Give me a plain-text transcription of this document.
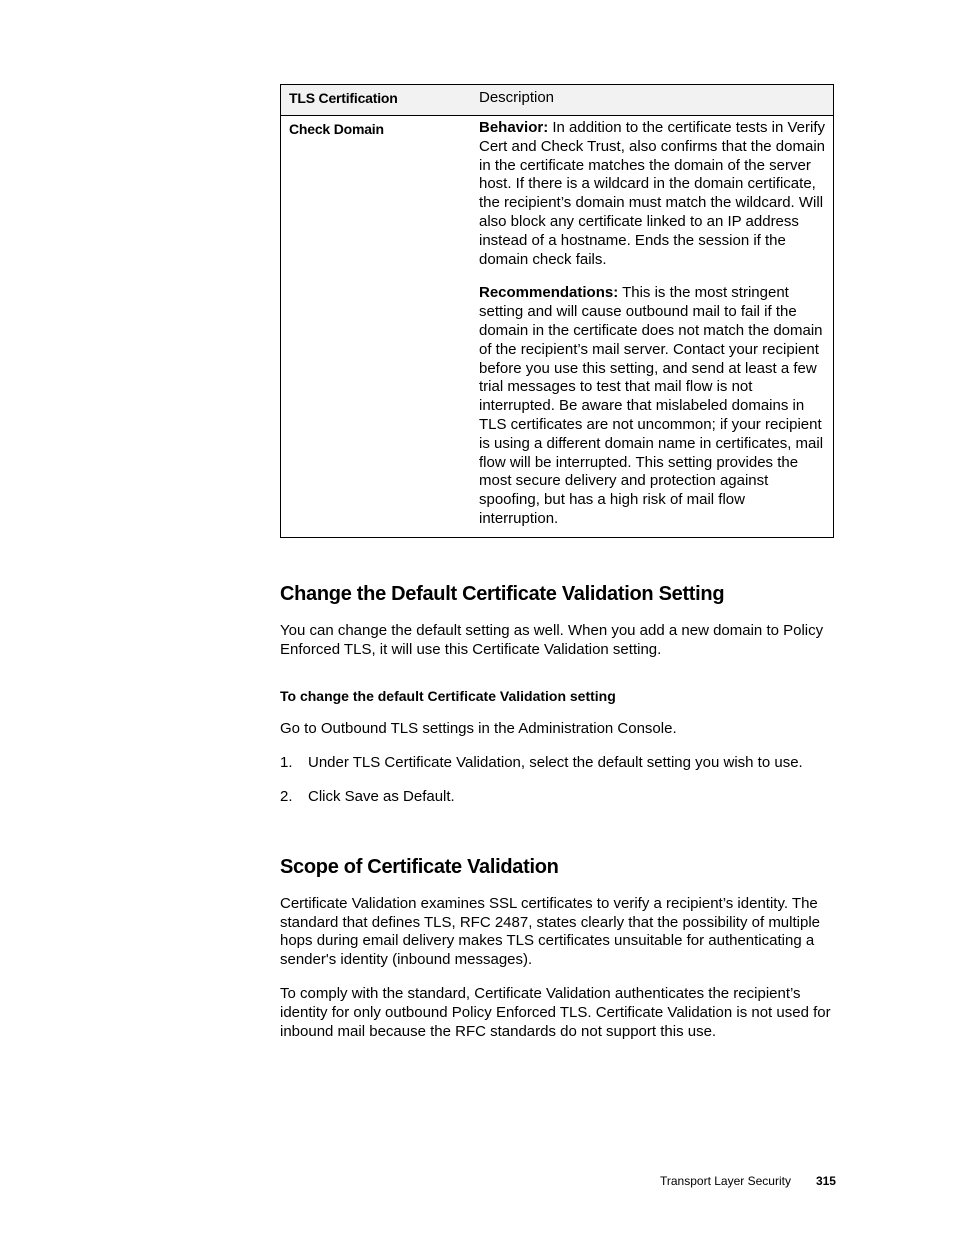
TLS Certification	Description
Check Domain	Behavior: In addition to the certificate tests in Verify Cert and Check Trust, also confirms that the domain in the certificate matches the domain of the server host. If there is a wildcard in the domain certificate, the recipient’s domain must match the wildcard. Will also block any certificate linked to an IP address instead of a hostname. Ends the session if the domain check fails.

Recommendations: This is the most stringent setting and will cause outbound mail to fail if the domain in the certificate does not match the domain of the recipient’s mail server. Contact your recipient before you use this setting, and send at least a few trial messages to test that mail flow is not interrupted. Be aware that mislabeled domains in TLS certificates are not uncommon; if your recipient is using a different domain name in certificates, mail flow will be interrupted. This setting provides the most secure delivery and protection against spoofing, but has a high risk of mail flow interruption.

Change the Default Certificate Validation Setting

You can change the default setting as well. When you add a new domain to Policy Enforced TLS, it will use this Certificate Validation setting.

To change the default Certificate Validation setting

Go to Outbound TLS settings in the Administration Console.

1.	Under TLS Certificate Validation, select the default setting you wish to use.
2.	Click Save as Default.
Scope of Certificate Validation

Certificate Validation examines SSL certificates to verify a recipient’s identity. The standard that defines TLS, RFC 2487, states clearly that the possibility of multiple hops during email delivery makes TLS certificates unsuitable for authenticating a sender's identity (inbound messages).

To comply with the standard, Certificate Validation authenticates the recipient’s identity for only outbound Policy Enforced TLS. Certificate Validation is not used for inbound mail because the RFC standards do not support this use.

Transport Layer Security 315
